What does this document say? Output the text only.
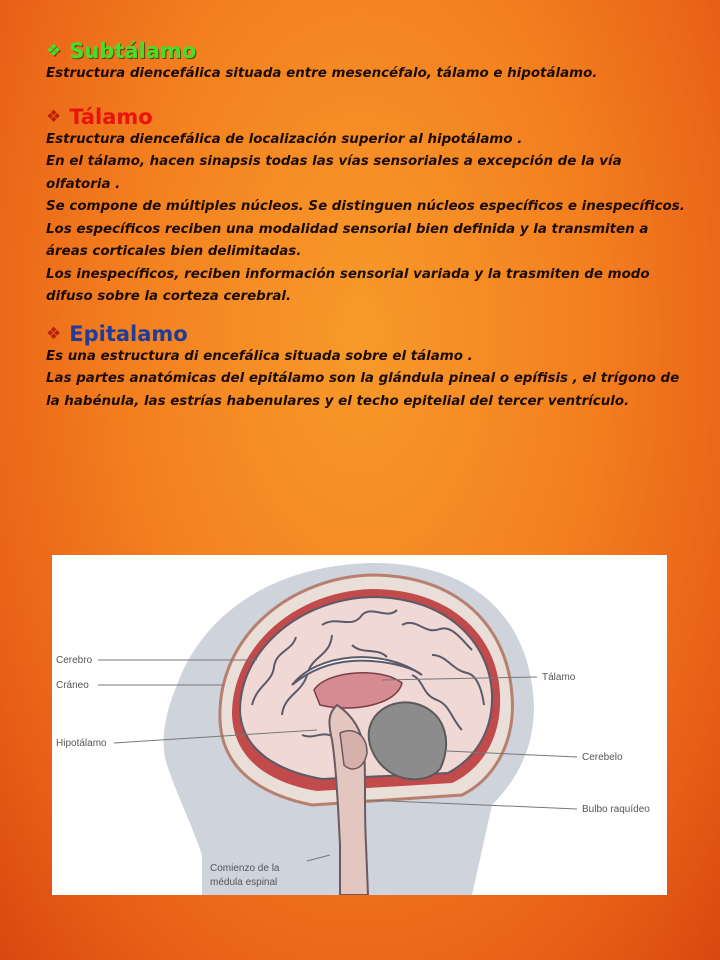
❖ Subtálamo

Estructura diencefálica situada entre mesencéfalo, tálamo e hipotálamo.

❖ Tálamo

Estructura diencefálica de localización superior al hipotálamo .

En el tálamo, hacen sinapsis todas las vías sensoriales a excepción de la vía olfatoria .

Se compone de múltiples núcleos. Se distinguen núcleos específicos e inespecíficos.

Los específicos reciben una modalidad sensorial bien definida y la transmiten a áreas corticales bien delimitadas.

Los inespecíficos, reciben información sensorial variada y la trasmiten de modo difuso sobre la corteza cerebral.

❖ Epitalamo

Es una estructura di encefálica situada sobre el tálamo .

Las partes anatómicas del epitálamo son la glándula pineal o epífisis , el trígono de la habénula, las estrías habenulares y el techo epitelial del tercer ventrículo.

Cerebro
Cráneo
Hipotálamo
Tálamo
Cerebelo
Bulbo raquídeo
Comienzo de la
médula espinal
